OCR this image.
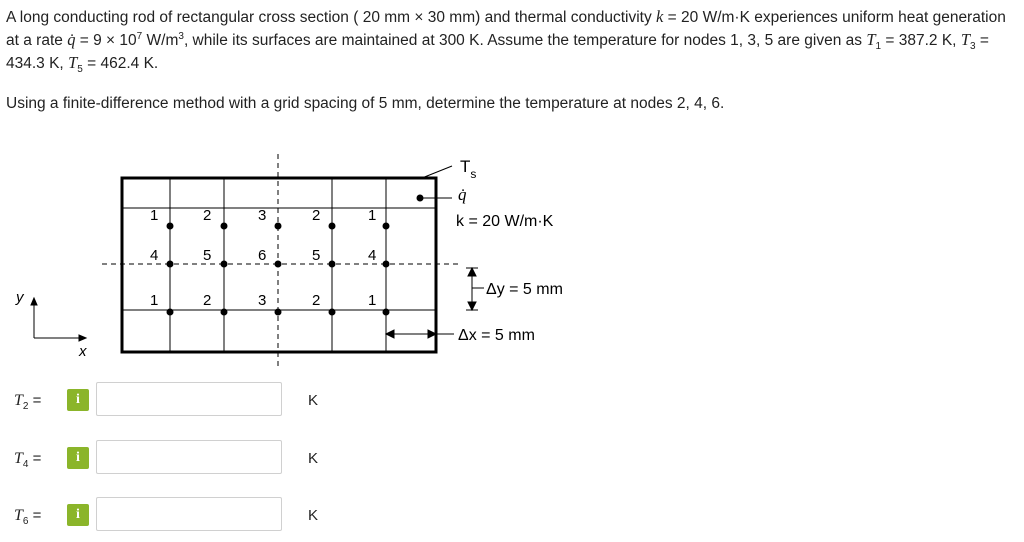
A long conducting rod of rectangular cross section ( 20 mm × 30 mm) and thermal conductivity k = 20 W/m·K experiences uniform heat generation at a rate q̇ = $9 \times 10^7$ $W/m^3$, while its surfaces are maintained at 300 K. Assume the temperature for nodes 1, 3, 5 are given as $T_1 = 387.2$ K, $T_3 = 434.3$ K, $T_5 = 462.4$ K.

Using a finite-difference method with a grid spacing of 5 mm, determine the temperature at nodes 2, 4, 6.

1	2	3	2	1
4	5	6	5	4
1	2	3	2	1
$T_s$
q̇
k = 20 W/m·K
Δy = 5 mm
Δx = 5 mm
y
x
$T_2$ =	i	K
$T_4$ =	i	K
$T_6$ =	i	K
